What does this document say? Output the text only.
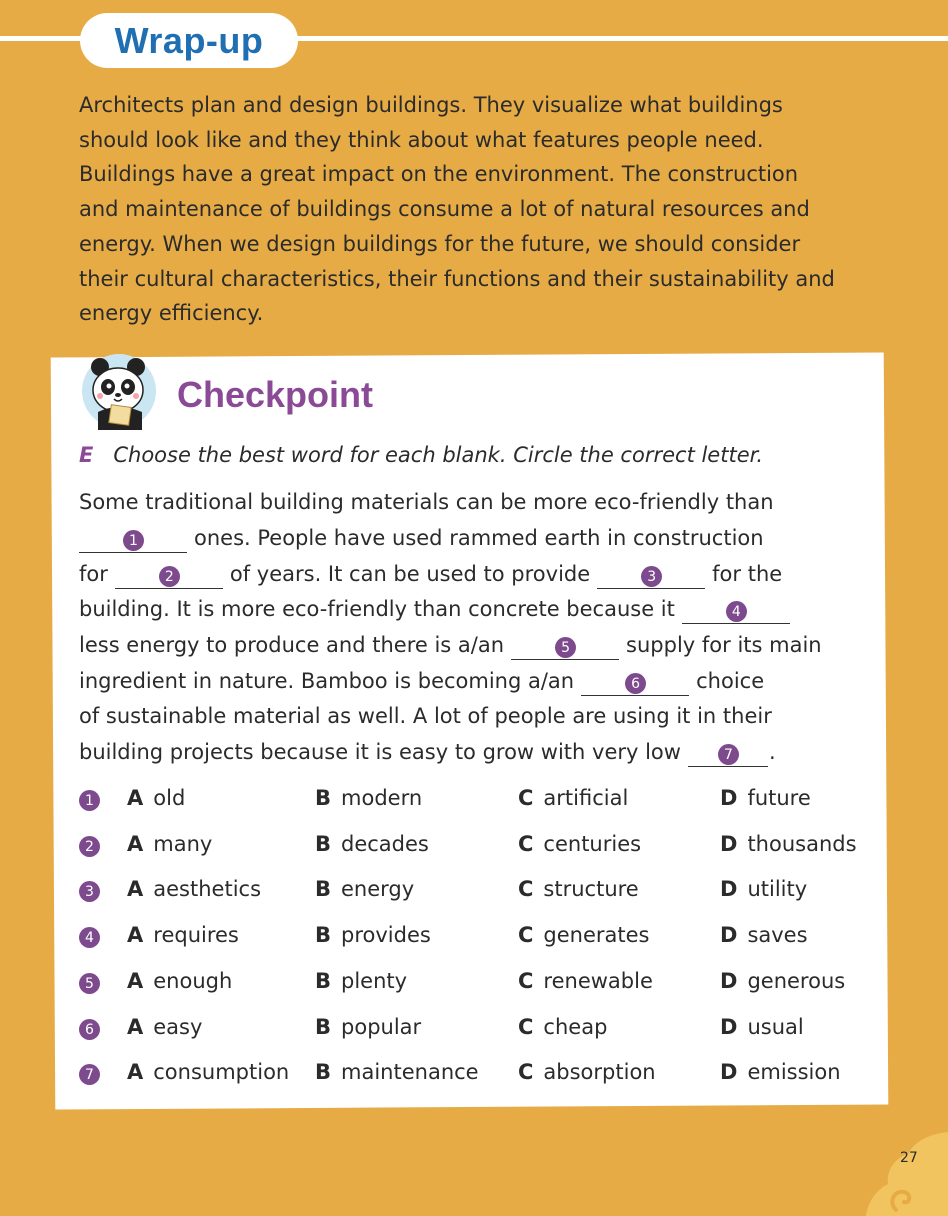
Wrap-up

Architects plan and design buildings. They visualize what buildings

should look like and they think about what features people need.

Buildings have a great impact on the environment. The construction

and maintenance of buildings consume a lot of natural resources and

energy. When we design buildings for the future, we should consider

their cultural characteristics, their functions and their sustainability and

energy efficiency.

Checkpoint
E Choose the best word for each blank. Circle the correct letter.
Some traditional building materials can be more eco-friendly than
1	ones. People have used rammed earth in construction
for	2	of years. It can be used to provide	3	for the
building. It is more eco-friendly than concrete because it	4
less energy to produce and there is a/an	5	supply for its main
ingredient in nature. Bamboo is becoming a/an	6	choice
of sustainable material as well. A lot of people are using it in their
building projects because it is easy to grow with very low	7 .
1 A old	B modern	C artificial	D future
2 A many	B decades	C centuries	D thousands
3 A aesthetics	B energy	C structure	D utility
4 A requires	B provides	C generates	D saves
5 A enough	B plenty	C renewable	D generous
6 A easy	B popular	C cheap	D usual
7 A consumption B maintenance C absorption	D emission
27
